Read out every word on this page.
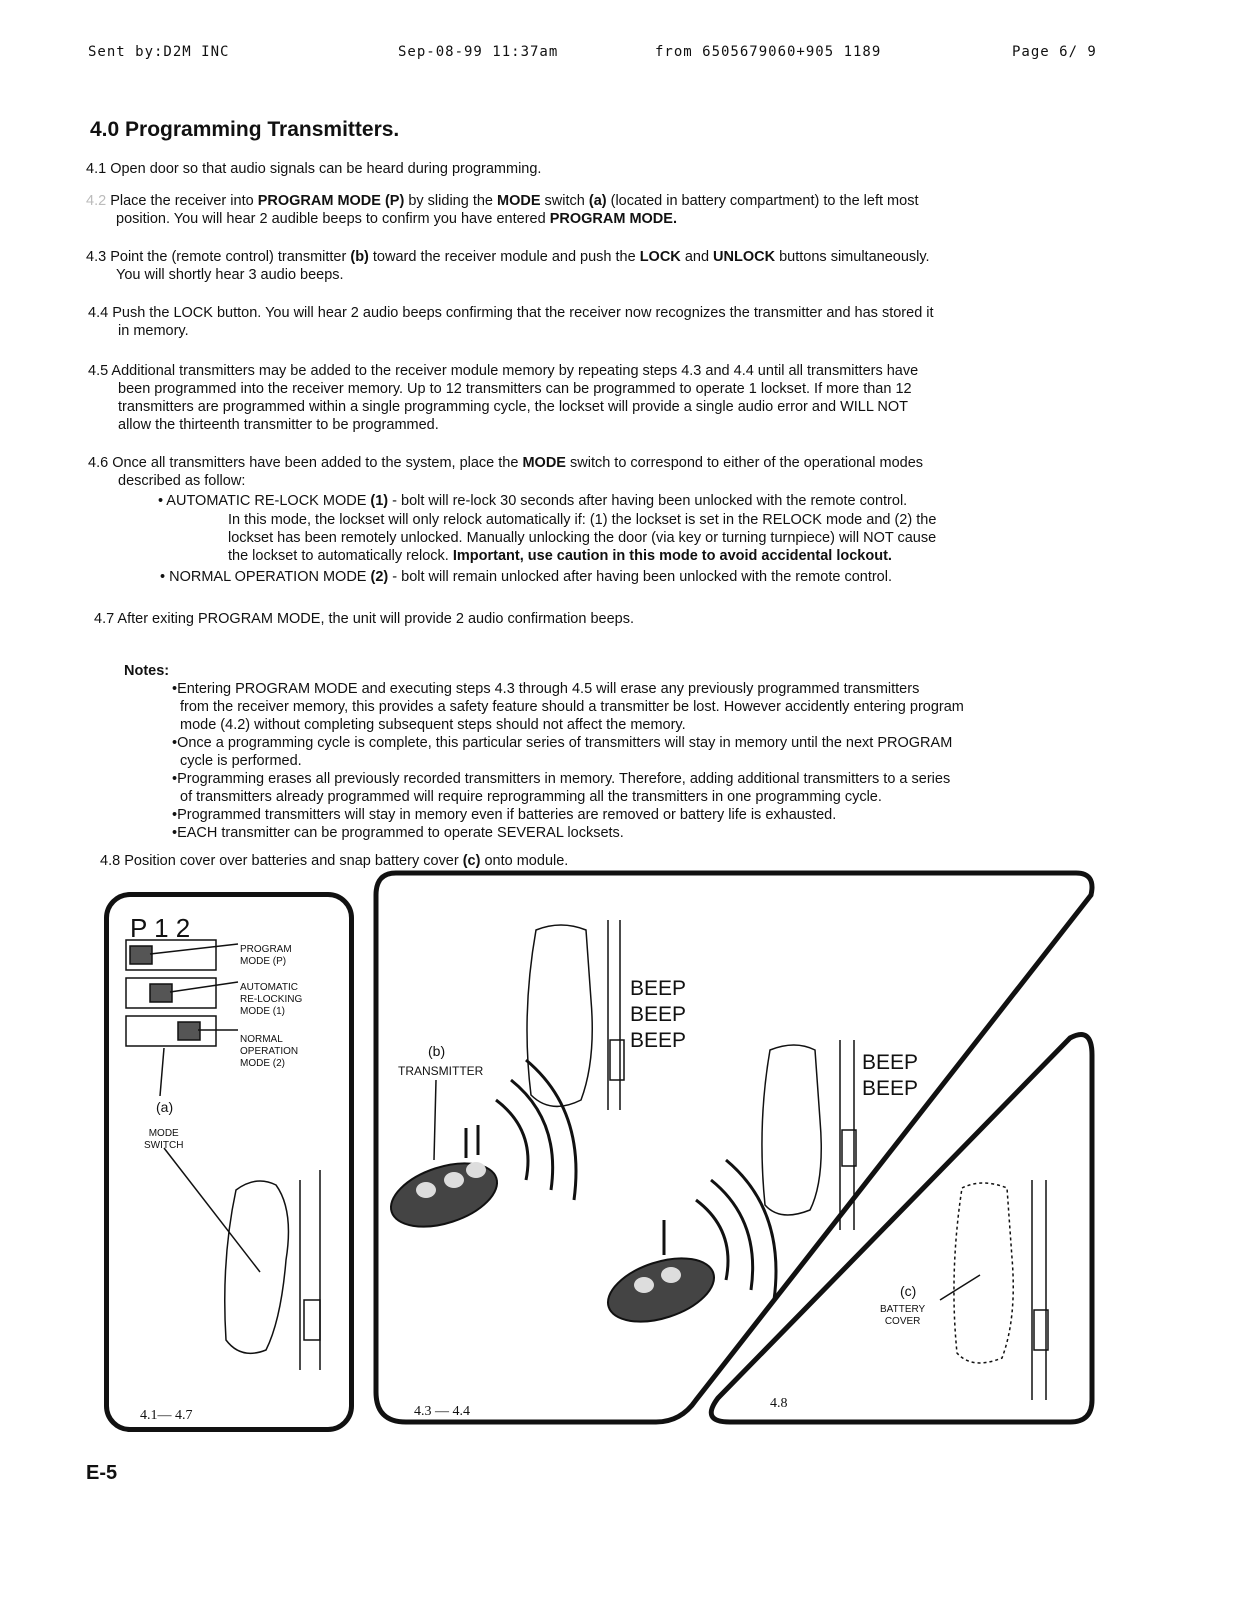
Sent by:D2M INC	Sep-08-99 11:37am	from 6505679060+905 1189	Page 6/ 9
4.0 Programming Transmitters.
4.1 Open door so that audio signals can be heard during programming.
4.2 Place the receiver into PROGRAM MODE (P) by sliding the MODE switch (a) (located in battery compartment) to the left most
position. You will hear 2 audible beeps to confirm you have entered PROGRAM MODE.
4.3 Point the (remote control) transmitter (b) toward the receiver module and push the LOCK and UNLOCK buttons simultaneously.
You will shortly hear 3 audio beeps.
4.4 Push the LOCK button. You will hear 2 audio beeps confirming that the receiver now recognizes the transmitter and has stored it
in memory.
4.5 Additional transmitters may be added to the receiver module memory by repeating steps 4.3 and 4.4 until all transmitters have
been programmed into the receiver memory. Up to 12 transmitters can be programmed to operate 1 lockset. If more than 12
transmitters are programmed within a single programming cycle, the lockset will provide a single audio error and WILL NOT
allow the thirteenth transmitter to be programmed.
4.6 Once all transmitters have been added to the system, place the MODE switch to correspond to either of the operational modes
described as follow:
• AUTOMATIC RE-LOCK MODE (1) - bolt will re-lock 30 seconds after having been unlocked with the remote control.
In this mode, the lockset will only relock automatically if: (1) the lockset is set in the RELOCK mode and (2) the
lockset has been remotely unlocked. Manually unlocking the door (via key or turning turnpiece) will NOT cause
the lockset to automatically relock. Important, use caution in this mode to avoid accidental lockout.
• NORMAL OPERATION MODE (2) - bolt will remain unlocked after having been unlocked with the remote control.
4.7 After exiting PROGRAM MODE, the unit will provide 2 audio confirmation beeps.
Notes:
•Entering PROGRAM MODE and executing steps 4.3 through 4.5 will erase any previously programmed transmitters
from the receiver memory, this provides a safety feature should a transmitter be lost. However accidently entering program
mode (4.2) without completing subsequent steps should not affect the memory.
•Once a programming cycle is complete, this particular series of transmitters will stay in memory until the next PROGRAM
cycle is performed.
•Programming erases all previously recorded transmitters in memory. Therefore, adding additional transmitters to a series
of transmitters already programmed will require reprogramming all the transmitters in one programming cycle.
•Programmed transmitters will stay in memory even if batteries are removed or battery life is exhausted.
•EACH transmitter can be programmed to operate SEVERAL locksets.
4.8 Position cover over batteries and snap battery cover (c) onto module.
P 1 2
PROGRAM
MODE (P)
AUTOMATIC
RE-LOCKING
MODE (1)
NORMAL
OPERATION
MODE (2)
(a)
MODE
SWITCH
4.1— 4.7
(b)
TRANSMITTER
BEEP
BEEP
BEEP
4.3 — 4.4
BEEP
BEEP
(c)
BATTERY
COVER
4.8
E-5
